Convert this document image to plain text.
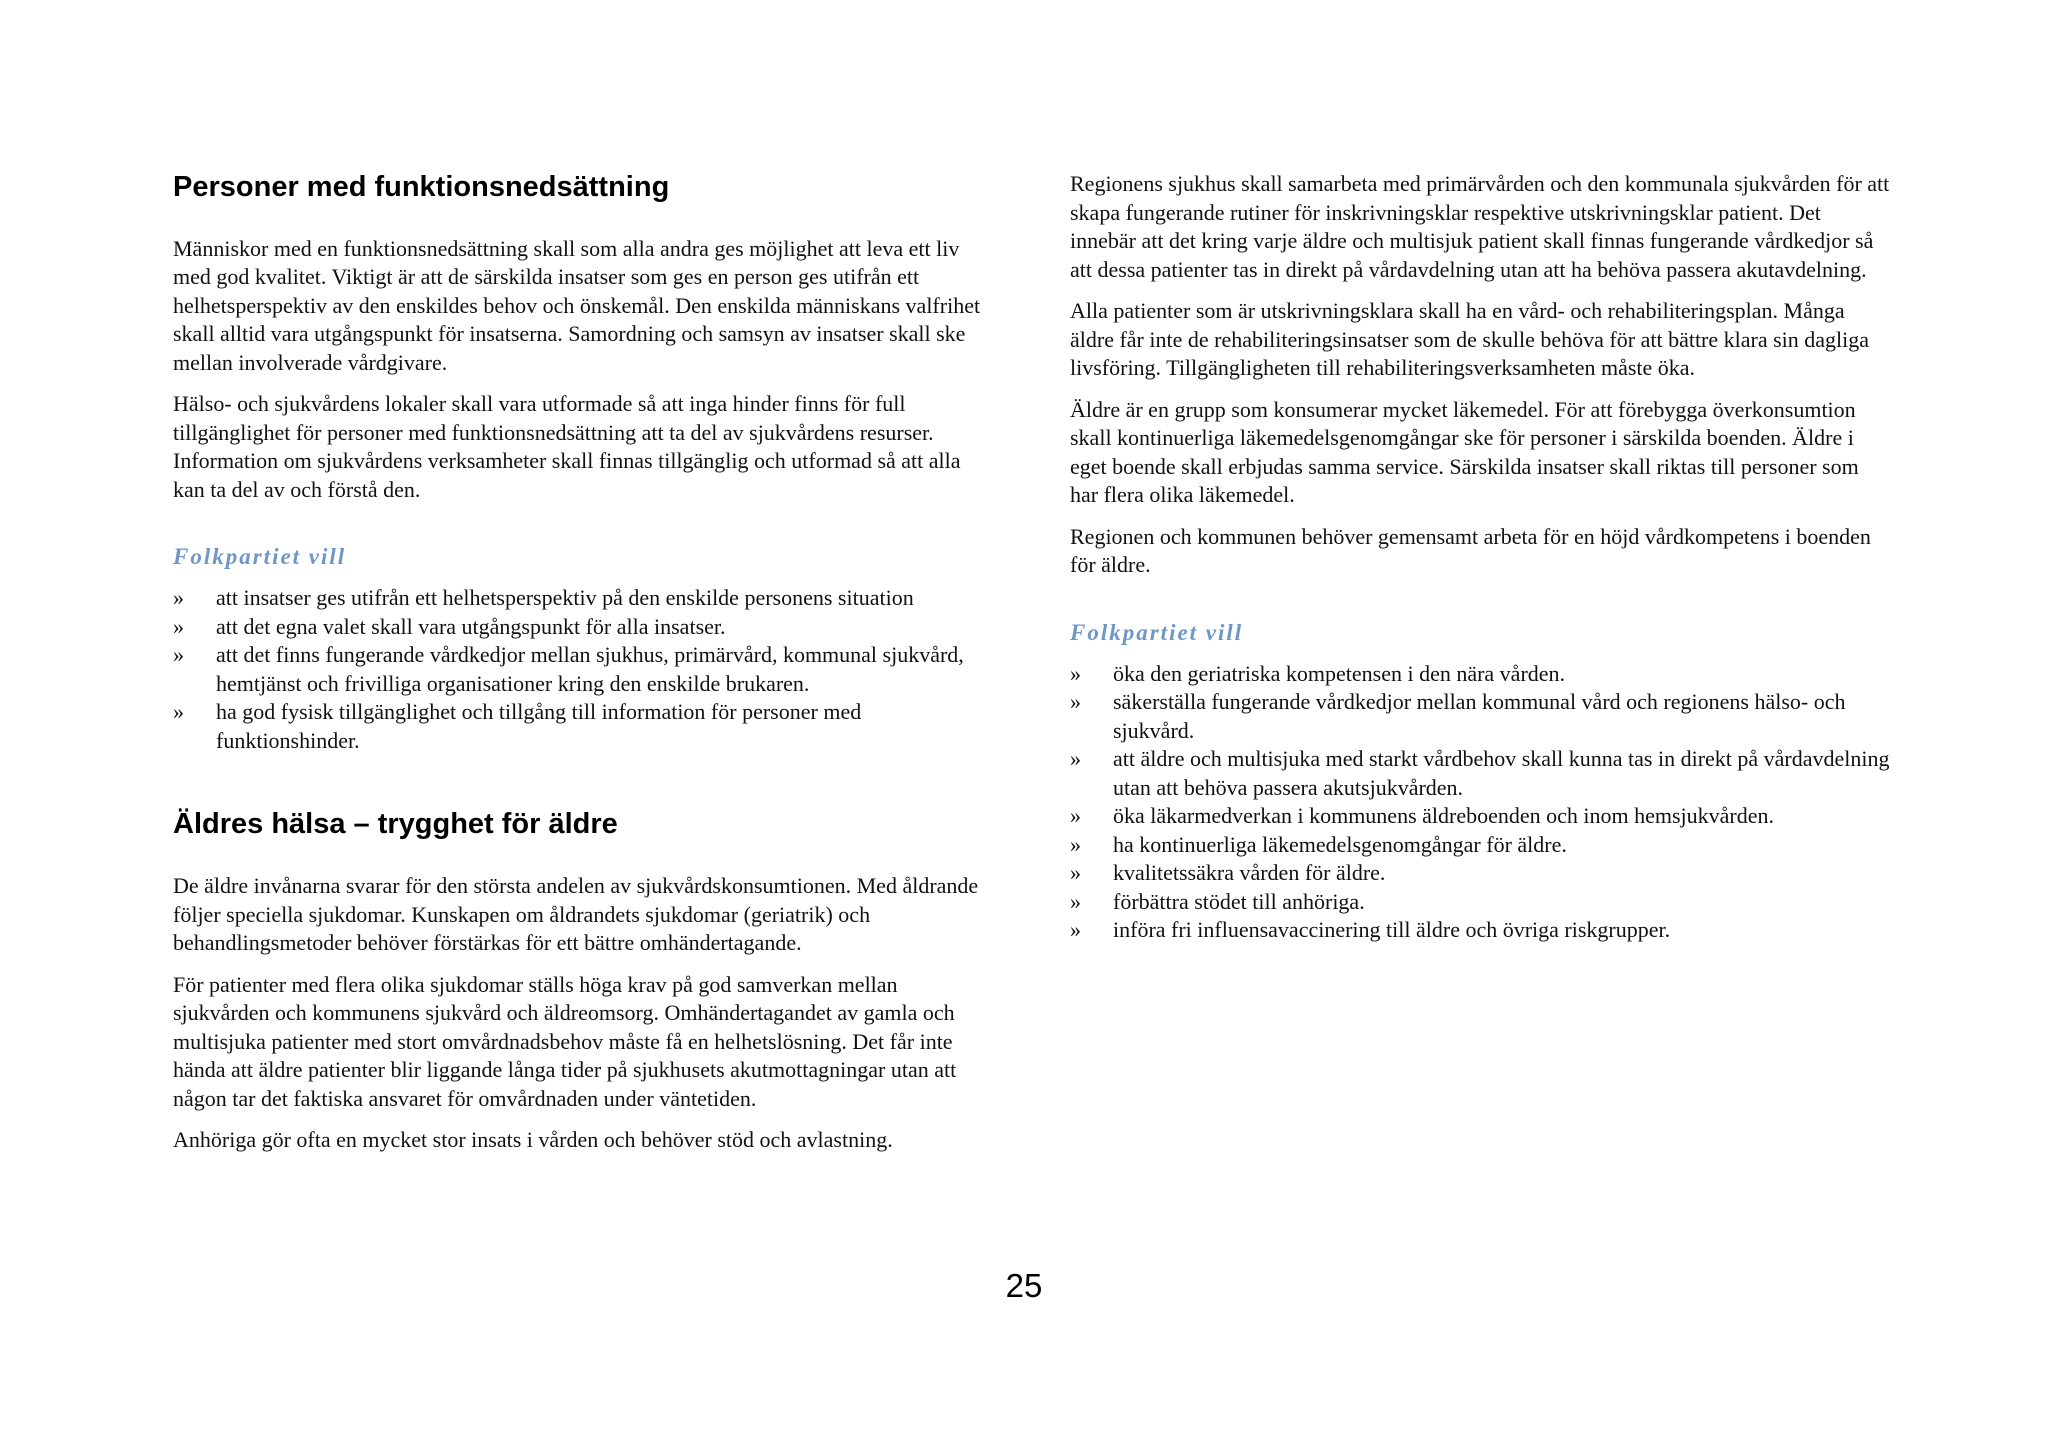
Personer med funktionsnedsättning

Människor med en funktionsnedsättning skall som alla andra ges möjlighet att leva ett liv med god kvalitet. Viktigt är att de särskilda insatser som ges en person ges utifrån ett helhetsperspektiv av den enskildes behov och önskemål. Den enskilda människans valfrihet skall alltid vara utgångspunkt för insatserna. Samordning och samsyn av insatser skall ske mellan involverade vårdgivare.

Hälso- och sjukvårdens lokaler skall vara utformade så att inga hinder finns för full tillgänglighet för personer med funktionsnedsättning att ta del av sjukvårdens resurser. Information om sjukvårdens verksamheter skall finnas tillgänglig och utformad så att alla kan ta del av och förstå den.

Folkpartiet vill
» att insatser ges utifrån ett helhetsperspektiv på den enskilde personens situation
» att det egna valet skall vara utgångspunkt för alla insatser.
» att det finns fungerande vårdkedjor mellan sjukhus, primärvård, kommunal sjukvård, hemtjänst och frivilliga organisationer kring den enskilde brukaren.
» ha god fysisk tillgänglighet och tillgång till information för personer med funktionshinder.
Äldres hälsa – trygghet för äldre

De äldre invånarna svarar för den största andelen av sjukvårdskonsumtionen. Med åldrande följer speciella sjukdomar. Kunskapen om åldrandets sjukdomar (geriatrik) och behandlingsmetoder behöver förstärkas för ett bättre omhändertagande.

För patienter med flera olika sjukdomar ställs höga krav på god samverkan mellan sjukvården och kommunens sjukvård och äldreomsorg. Omhändertagandet av gamla och multisjuka patienter med stort omvårdnadsbehov måste få en helhetslösning. Det får inte hända att äldre patienter blir liggande långa tider på sjukhusets akutmottagningar utan att någon tar det faktiska ansvaret för omvårdnaden under väntetiden.

Anhöriga gör ofta en mycket stor insats i vården och behöver stöd och avlastning.

Regionens sjukhus skall samarbeta med primärvården och den kommunala sjukvården för att skapa fungerande rutiner för inskrivningsklar respektive utskrivningsklar patient. Det innebär att det kring varje äldre och multisjuk patient skall finnas fungerande vårdkedjor så att dessa patienter tas in direkt på vårdavdelning utan att ha behöva passera akutavdelning.

Alla patienter som är utskrivningsklara skall ha en vård- och rehabiliteringsplan. Många äldre får inte de rehabiliteringsinsatser som de skulle behöva för att bättre klara sin dagliga livsföring. Tillgängligheten till rehabiliteringsverksamheten måste öka.

Äldre är en grupp som konsumerar mycket läkemedel. För att förebygga överkonsumtion skall kontinuerliga läkemedelsgenomgångar ske för personer i särskilda boenden. Äldre i eget boende skall erbjudas samma service. Särskilda insatser skall riktas till personer som har flera olika läkemedel.

Regionen och kommunen behöver gemensamt arbeta för en höjd vårdkompetens i boenden för äldre.

Folkpartiet vill
» öka den geriatriska kompetensen i den nära vården.
» säkerställa fungerande vårdkedjor mellan kommunal vård och regionens hälso- och sjukvård.
» att äldre och multisjuka med starkt vårdbehov skall kunna tas in direkt på vårdavdelning utan att behöva passera akutsjukvården.
» öka läkarmedverkan i kommunens äldreboenden och inom hemsjukvården.
» ha kontinuerliga läkemedelsgenomgångar för äldre.
» kvalitetssäkra vården för äldre.
» förbättra stödet till anhöriga.
» införa fri influensavaccinering till äldre och övriga riskgrupper.
25
